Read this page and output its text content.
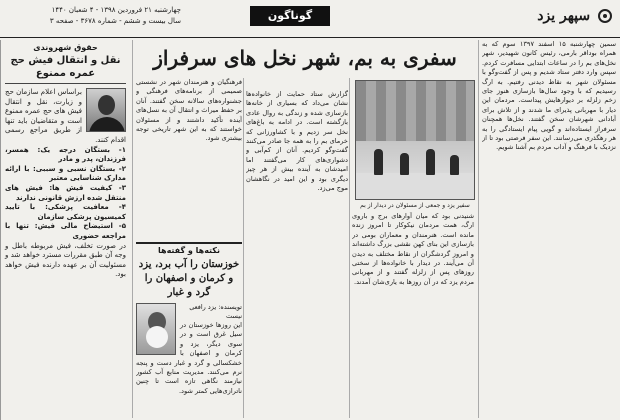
سپهر یزد
گوناگون
چهارشنبه ۲۱ فروردین ۱۳۹۸ - ۴ شعبان ۱۴۴۰
سال بیست و ششم - شماره ۳۶۷۸ - صفحه ۳
حقوق شهروندی
نقل و انتقال فیش حج عمره ممنوع

براساس اعلام سازمان حج و زیارت، نقل و انتقال فیش های حج عمره ممنوع است و متقاضیان باید تنها از طریق مراجع رسمی اقدام کنند.

۱- بستگان درجه یک: همسر، فرزندان، پدر و مادر

۲- بستگان نسبی و سببی: با ارائه مدارک شناسایی معتبر

۳- کیفیت فیش ها: فیش های منتقل شده ارزش قانونی ندارند

۴- معافیت پزشکی: با تایید کمیسیون پزشکی سازمان

۵- استیضاح مالی فیش: تنها با مراجعه حضوری

در صورت تخلف، فیش مربوطه باطل و وجه آن طبق مقررات مسترد خواهد شد و مسئولیت آن بر عهده دارنده فیش خواهد بود.

سفری به بم، شهر نخل های سرفراز
سمین چهارشنبه ۱۵ اسفند ۱۳۹۷ سوم که به همراه بوداقر بارمی، رئیس کانون شهیدیر، شهر نخل‌های بم را در ساعات ابتدایی مسافرت کردم. سپس وارد دفتر ستاد شدیم و پس از گفت‌وگو با مسئولان شهر به نقاط دیدنی رفتیم. به ارگ رسیدیم که با وجود سال‌ها بازسازی هنوز جای زخم زلزله بر دیوارهایش پیداست. مردمان این دیار با مهربانی پذیرای ما شدند و از تلاش برای آبادانی شهرشان سخن گفتند. نخل‌ها همچنان سرفراز ایستاده‌اند و گویی پیام ایستادگی را به هر رهگذری می‌رسانند. این سفر فرصتی بود تا از نزدیک با فرهنگ و آداب مردم بم آشنا شویم.
سفیر یزد و جمعی از مسئولان در دیدار از بم
شنیدنی بود که میان آوارهای برج و باروی ارگ، همت مردمان نیکوکار تا امروز زنده مانده است. هنرمندان و معماران بومی در بازسازی این بنای کهن نقشی بزرگ داشته‌اند و امروز گردشگران از نقاط مختلف به دیدن آن می‌آیند. در دیدار با خانواده‌ها از سختی روزهای پس از زلزله گفتند و از مهربانی مردم یزد که در آن روزها به یاری‌شان آمدند.
گزارش ستاد حمایت از خانواده‌ها نشان می‌داد که بسیاری از خانه‌ها بازسازی شده و زندگی به روال عادی بازگشته است. در ادامه به باغ‌های نخل سر زدیم و با کشاورزانی که خرمای بم را به همه جا صادر می‌کنند گفت‌وگو کردیم. آنان از کم‌آبی و دشواری‌های کار می‌گفتند اما امیدشان به آینده بیش از هر چیز دیگری بود و این امید در نگاهشان موج می‌زد.
فرهنگیان و هنرمندان شهر در نشستی صمیمی از برنامه‌های فرهنگی و جشنواره‌های سالانه سخن گفتند. آنان بر حفظ میراث و انتقال آن به نسل‌های آینده تأکید داشتند و از مسئولان خواستند که به این شهر تاریخی توجه بیشتری شود.
نکته‌ها و گفته‌ها
خوزستان را آب برد، یزد و کرمان و اصفهان را گرد و غبار
تویسنده: یزد رافعی نیست
این روزها خوزستان در سیل غرق است و در سوی دیگر، یزد و کرمان و اصفهان با خشکسالی و گرد و غبار دست و پنجه نرم می‌کنند. مدیریت منابع آب کشور نیازمند نگاهی تازه است تا چنین ناترازی‌هایی کمتر شود.
